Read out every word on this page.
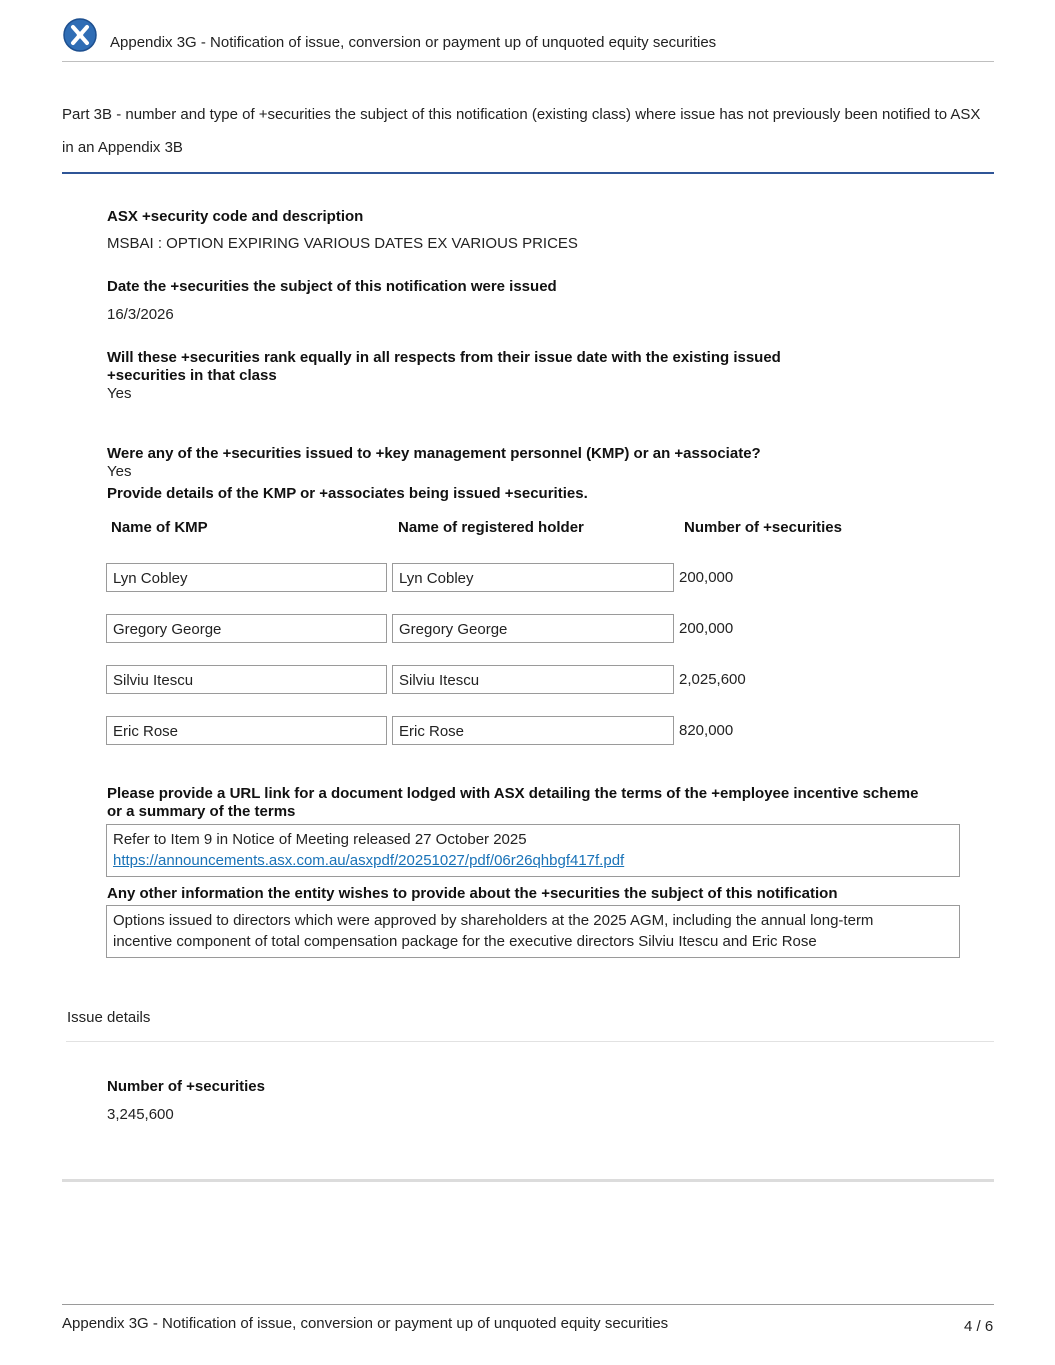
Appendix 3G - Notification of issue, conversion or payment up of unquoted equity securities
Part 3B - number and type of +securities the subject of this notification (existing class) where issue has not previously been notified to ASX in an Appendix 3B
ASX +security code and description
MSBAI : OPTION EXPIRING VARIOUS DATES EX VARIOUS PRICES
Date the +securities the subject of this notification were issued
16/3/2026
Will these +securities rank equally in all respects from their issue date with the existing issued
+securities in that class
Yes
Were any of the +securities issued to +key management personnel (KMP) or an +associate?
Yes
Provide details of the KMP or +associates being issued +securities.
Name of KMP	Name of registered holder	Number of +securities
Lyn Cobley	Lyn Cobley	200,000
Gregory George	Gregory George	200,000
Silviu Itescu	Silviu Itescu	2,025,600
Eric Rose	Eric Rose	820,000
Please provide a URL link for a document lodged with ASX detailing the terms of the +employee incentive scheme
or a summary of the terms
Refer to Item 9 in Notice of Meeting released 27 October 2025
https://announcements.asx.com.au/asxpdf/20251027/pdf/06r26qhbgf417f.pdf
Any other information the entity wishes to provide about the +securities the subject of this notification
Options issued to directors which were approved by shareholders at the 2025 AGM, including the annual long-term
incentive component of total compensation package for the executive directors Silviu Itescu and Eric Rose
Issue details
Number of +securities
3,245,600
Appendix 3G - Notification of issue, conversion or payment up of unquoted equity securities	4 / 6
